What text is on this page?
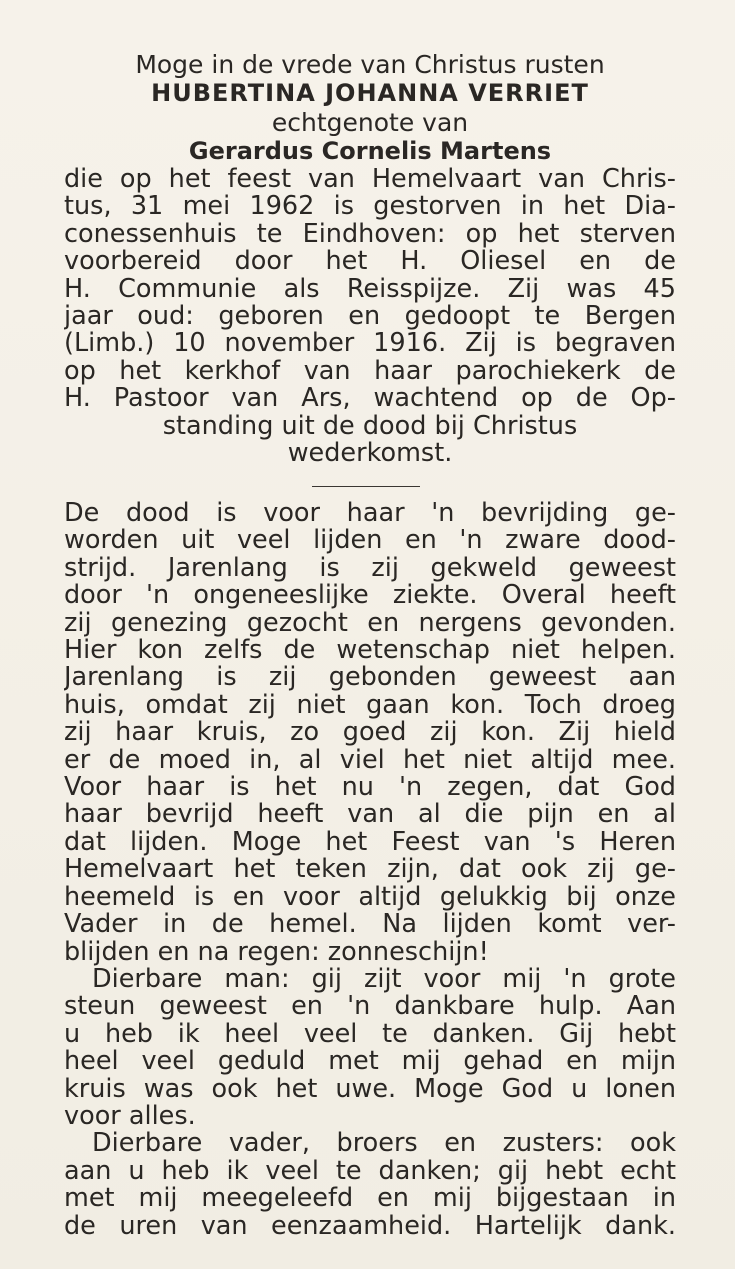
Moge in de vrede van Christus rusten
HUBERTINA JOHANNA VERRIET
echtgenote van
Gerardus Cornelis Martens
die op het feest van Hemelvaart van Chris-
tus, 31 mei 1962 is gestorven in het Dia-
conessenhuis te Eindhoven: op het sterven
voorbereid door het H. Oliesel en de
H. Communie als Reisspijze. Zij was 45
jaar oud: geboren en gedoopt te Bergen
(Limb.) 10 november 1916. Zij is begraven
op het kerkhof van haar parochiekerk de
H. Pastoor van Ars, wachtend op de Op-
standing uit de dood bij Christus
wederkomst.
De dood is voor haar 'n bevrijding ge-
worden uit veel lijden en 'n zware dood-
strijd. Jarenlang is zij gekweld geweest
door 'n ongeneeslijke ziekte. Overal heeft
zij genezing gezocht en nergens gevonden.
Hier kon zelfs de wetenschap niet helpen.
Jarenlang is zij gebonden geweest aan
huis, omdat zij niet gaan kon. Toch droeg
zij haar kruis, zo goed zij kon. Zij hield
er de moed in, al viel het niet altijd mee.
Voor haar is het nu 'n zegen, dat God
haar bevrijd heeft van al die pijn en al
dat lijden. Moge het Feest van 's Heren
Hemelvaart het teken zijn, dat ook zij ge-
heemeld is en voor altijd gelukkig bij onze
Vader in de hemel. Na lijden komt ver-
blijden en na regen: zonneschijn!
Dierbare man: gij zijt voor mij 'n grote
steun geweest en 'n dankbare hulp. Aan
u heb ik heel veel te danken. Gij hebt
heel veel geduld met mij gehad en mijn
kruis was ook het uwe. Moge God u lonen
voor alles.
Dierbare vader, broers en zusters: ook
aan u heb ik veel te danken; gij hebt echt
met mij meegeleefd en mij bijgestaan in
de uren van eenzaamheid. Hartelijk dank.
